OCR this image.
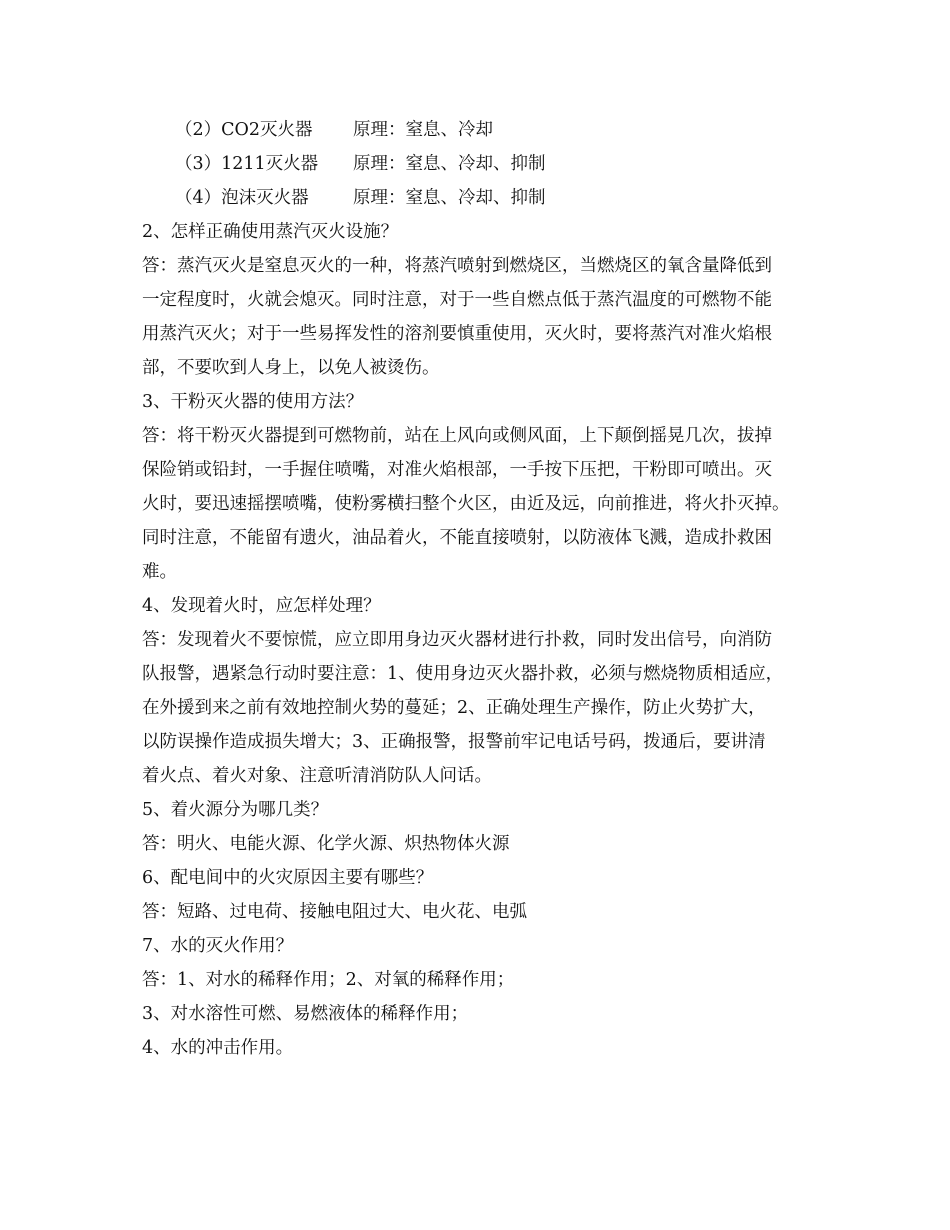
（2）CO2灭火器 原理：窒息、冷却
（3）1211灭火器 原理：窒息、冷却、抑制
（4）泡沫灭火器	原理：窒息、冷却、抑制
2、怎样正确使用蒸汽灭火设施？
答：蒸汽灭火是窒息灭火的一种，将蒸汽喷射到燃烧区，当燃烧区的氧含量降低到
一定程度时，火就会熄灭。同时注意，对于一些自燃点低于蒸汽温度的可燃物不能
用蒸汽灭火；对于一些易挥发性的溶剂要慎重使用，灭火时，要将蒸汽对准火焰根
部，不要吹到人身上，以免人被烫伤。
3、干粉灭火器的使用方法？
答：将干粉灭火器提到可燃物前，站在上风向或侧风面，上下颠倒摇晃几次，拔掉
保险销或铅封，一手握住喷嘴，对准火焰根部，一手按下压把，干粉即可喷出。灭
火时，要迅速摇摆喷嘴，使粉雾横扫整个火区，由近及远，向前推进，将火扑灭掉。
同时注意，不能留有遗火，油品着火，不能直接喷射，以防液体飞溅，造成扑救困
难。
4、发现着火时，应怎样处理？
答：发现着火不要惊慌，应立即用身边灭火器材进行扑救，同时发出信号，向消防
队报警，遇紧急行动时要注意：1、使用身边灭火器扑救，必须与燃烧物质相适应，
在外援到来之前有效地控制火势的蔓延；2、正确处理生产操作，防止火势扩大，
以防误操作造成损失增大；3、正确报警，报警前牢记电话号码，拨通后，要讲清
着火点、着火对象、注意听清消防队人问话。
5、着火源分为哪几类？
答：明火、电能火源、化学火源、炽热物体火源
6、配电间中的火灾原因主要有哪些？
答：短路、过电荷、接触电阻过大、电火花、电弧
7、水的灭火作用？
答：1、对水的稀释作用；2、对氧的稀释作用；
3、对水溶性可燃、易燃液体的稀释作用；
4、水的冲击作用。
